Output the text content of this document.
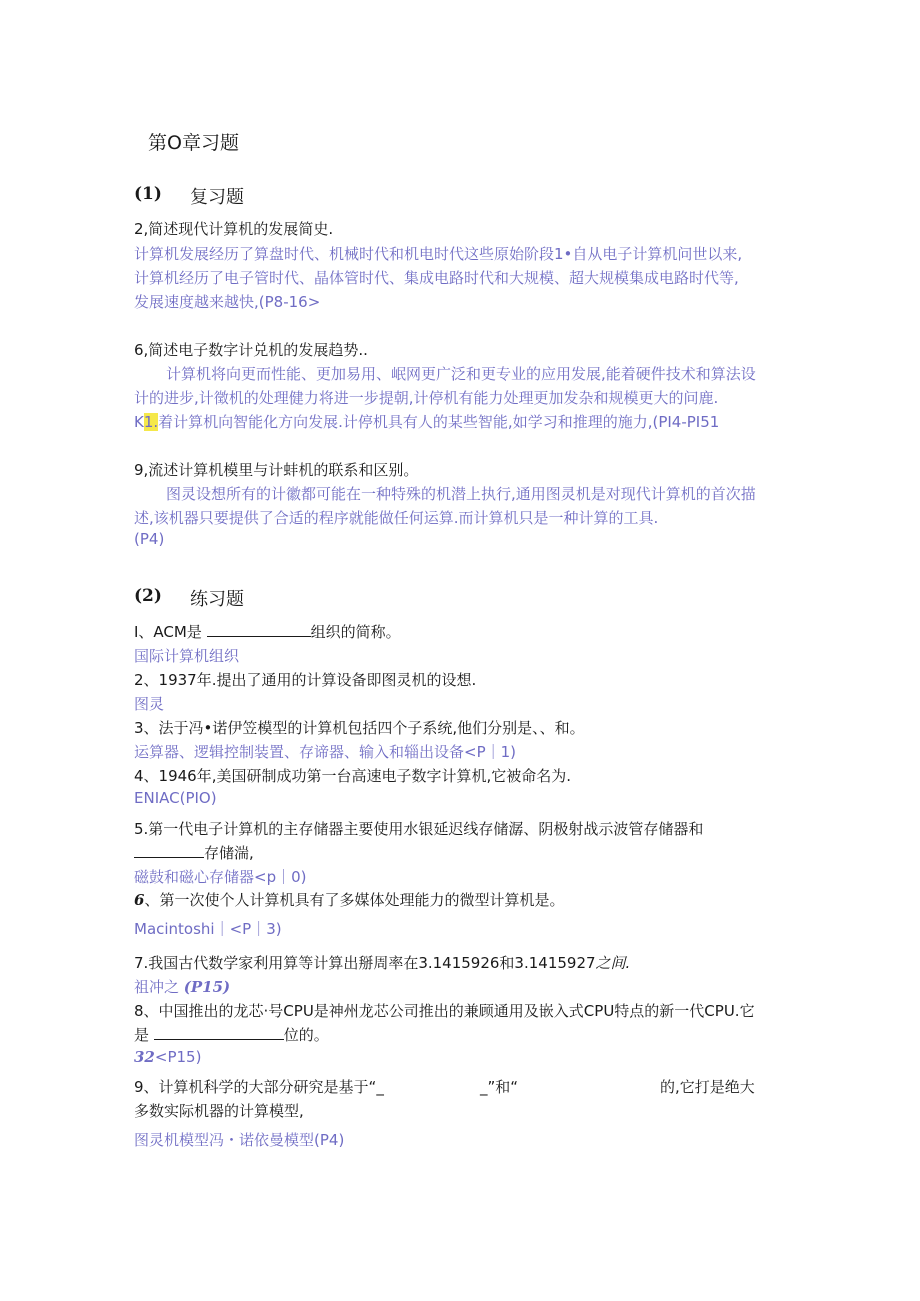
第O章习题
(1) 复习题
2,简述现代计算机的发展简史.
计算机发展经历了算盘时代、机械时代和机电时代这些原始阶段1•自从电子计算机问世以来,
计算机经历了电子管时代、晶体管时代、集成电路时代和大规模、超大规模集成电路时代等,
发展速度越来越快,(P8-16>
6,简述电子数字计兑机的发展趋势..
计算机将向更而性能、更加易用、岷网更广泛和更专业的应用发展,能着硬件技术和算法设
计的进步,计徵机的处理健力将进一步提朝,计停机有能力处理更加发杂和规模更大的问鹿.
K1.着计算机向智能化方向发展.计停机具有人的某些智能,如学习和推理的施力,(PI4-PI51
9,流述计算机模里与计蚌机的联系和区别。
图灵设想所有的计徽都可能在一种特殊的机潜上执行,通用图灵机是对现代计算机的首次描
述,该机器只要提供了合适的程序就能做任何运算.而计算机只是一种计算的工具.
(P4)
(2) 练习题
I、ACM是	组织的简称。
国际计算机组织
2、1937年.提出了通用的计算设备即图灵机的设想.
图灵
3、法于冯•诺伊笠模型的计算机包括四个子系统,他们分别是、、和。
运算器、逻辑控制装置、存谛器、输入和辎出设备<P｜1)
4、1946年,美国研制成功第一台高速电子数字计算机,它被命名为.
ENIAC(PIO)
5.第一代电子计算机的主存储器主要使用水银延迟线存储潺、阴极射战示波管存储器和
存储湍,
磁鼓和磁心存储器<p｜0)
6、第一次使个人计算机具有了多媒体处理能力的微型计算机是。
Macintoshi｜<P｜3)
7.我国古代数学家利用算等计算出掰周率在3.1415926和3.1415927之间.
祖冲之 (P15)
8、中国推出的龙芯·号CPU是神州龙芯公司推出的兼顾通用及嵌入式CPU特点的新一代CPU.它
是	位的。
32<P15)
9、计算机科学的大部分研究是基于“_	_”和“	的,它打是绝大
多数实际机器的计算模型,
图灵机模型冯・诺依曼模型(P4)
